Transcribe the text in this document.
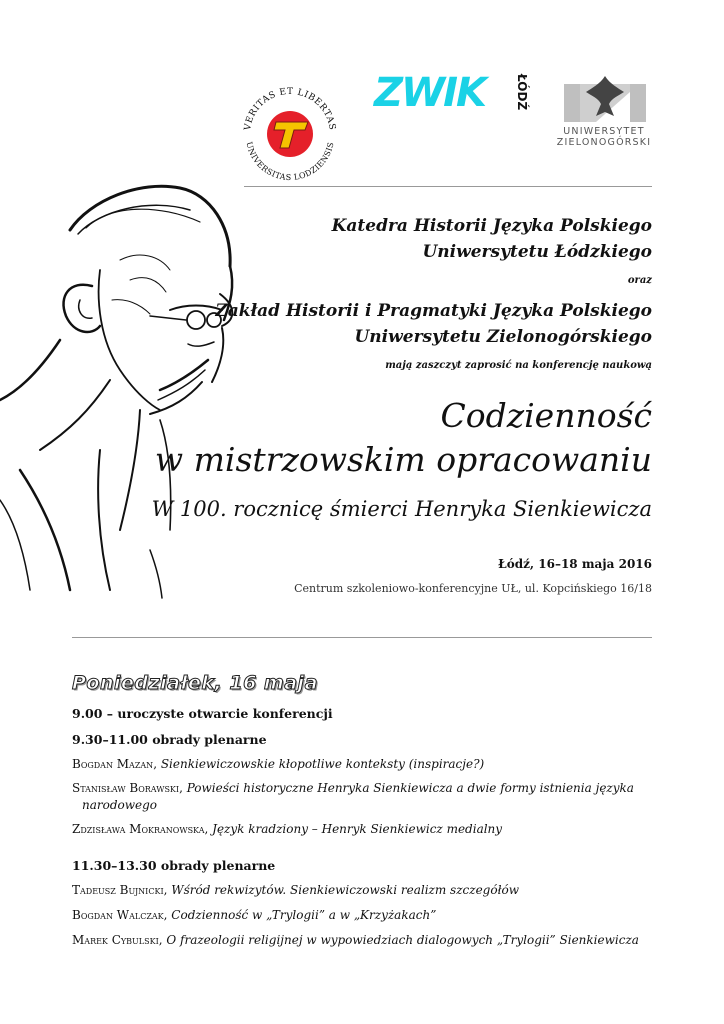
VERITAS ET LIBERTAS
UNIVERSITAS LODZIENSIS
ZWIK	ŁÓDŹ
UNIWERSYTET
ZIELONOGÓRSKI
Katedra Historii Języka Polskiego
Uniwersytetu Łódzkiego
oraz
Zakład Historii i Pragmatyki Języka Polskiego
Uniwersytetu Zielonogórskiego
mają zaszczyt zaprosić na konferencję naukową
Codzienność
w mistrzowskim opracowaniu
W 100. rocznicę śmierci Henryka Sienkiewicza
Łódź, 16–18 maja 2016
Centrum szkoleniowo-konferencyjne UŁ, ul. Kopcińskiego 16/18
Poniedziałek, 16 maja
9.00 – uroczyste otwarcie konferencji
9.30–11.00 obrady plenarne
Bogdan Mazan, Sienkiewiczowskie kłopotliwe konteksty (inspiracje?)
Stanisław Borawski, Powieści historyczne Henryka Sienkiewicza a dwie formy istnienia języka narodowego
Zdzisława Mokranowska, Język kradziony – Henryk Sienkiewicz medialny
11.30–13.30 obrady plenarne
Tadeusz Bujnicki, Wśród rekwizytów. Sienkiewiczowski realizm szczegółów
Bogdan Walczak, Codzienność w „Trylogii” a w „Krzyżakach”
Marek Cybulski, O frazeologii religijnej w wypowiedziach dialogowych „Trylogii” Sienkiewicza
